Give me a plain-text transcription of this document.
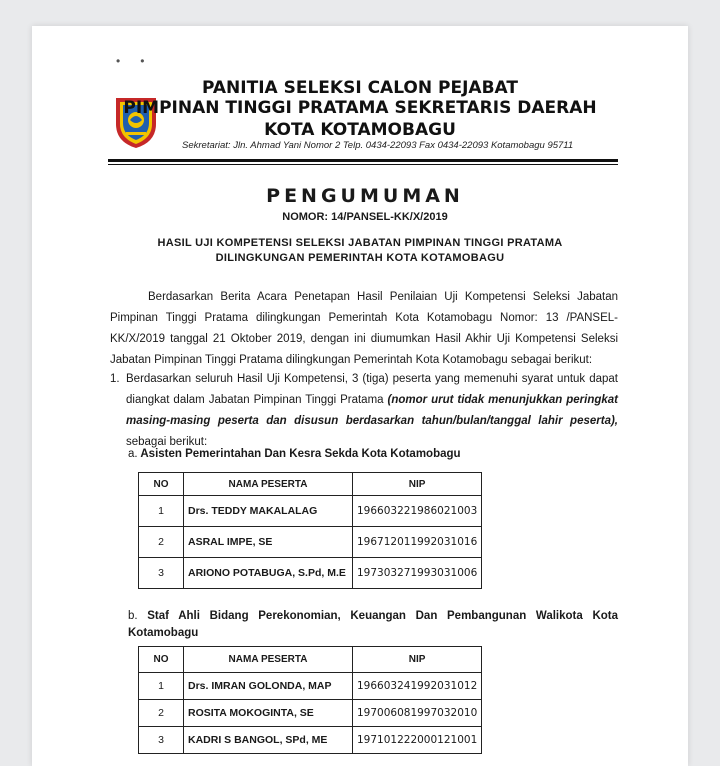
•      •
PANITIA SELEKSI CALON PEJABAT
PIMPINAN TINGGI PRATAMA SEKRETARIS DAERAH
KOTA KOTAMOBAGU
Sekretariat: Jln. Ahmad Yani Nomor 2 Telp. 0434-22093 Fax 0434-22093 Kotamobagu 95711
PENGUMUMAN
NOMOR: 14/PANSEL-KK/X/2019
HASIL UJI KOMPETENSI SELEKSI JABATAN PIMPINAN TINGGI PRATAMA
DILINGKUNGAN PEMERINTAH KOTA KOTAMOBAGU

Berdasarkan Berita Acara Penetapan Hasil Penilaian Uji Kompetensi Seleksi Jabatan Pimpinan Tinggi Pratama dilingkungan Pemerintah Kota Kotamobagu Nomor: 13 /PANSEL-KK/X/2019 tanggal 21 Oktober 2019, dengan ini diumumkan Hasil Akhir Uji Kompetensi Seleksi Jabatan Pimpinan Tinggi Pratama dilingkungan Pemerintah Kota Kotamobagu sebagai berikut:

1. Berdasarkan seluruh Hasil Uji Kompetensi, 3 (tiga) peserta yang memenuhi syarat untuk dapat diangkat dalam Jabatan Pimpinan Tinggi Pratama (nomor urut tidak menunjukkan peringkat masing-masing peserta dan disusun berdasarkan tahun/bulan/tanggal lahir peserta), sebagai berikut:
a. Asisten Pemerintahan Dan Kesra Sekda Kota Kotamobagu
NO	NAMA PESERTA	NIP
1	Drs. TEDDY MAKALALAG	196603221986021003
2	ASRAL IMPE, SE	196712011992031016
3	ARIONO POTABUGA, S.Pd, M.E	197303271993031006
b. Staf Ahli Bidang Perekonomian, Keuangan Dan Pembangunan Walikota Kota Kotamobagu
NO	NAMA PESERTA	NIP
1	Drs. IMRAN GOLONDA, MAP	196603241992031012
2	ROSITA MOKOGINTA, SE	197006081997032010
3	KADRI S BANGOL, SPd, ME	197101222000121001
